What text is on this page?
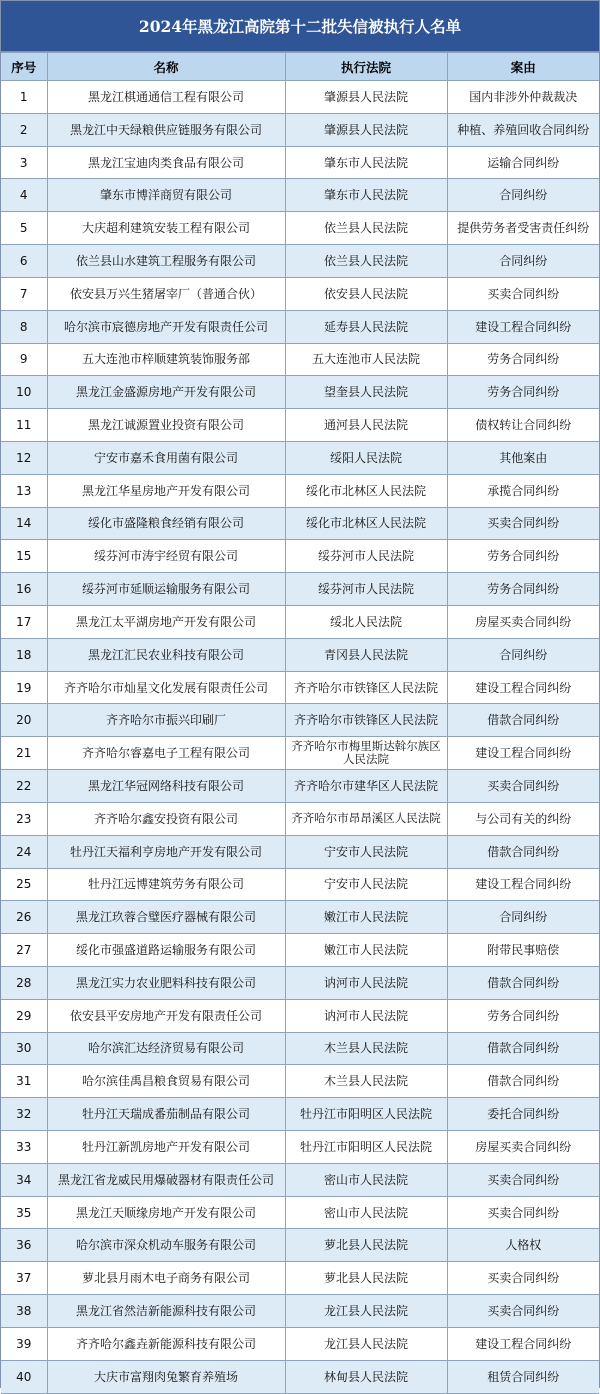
2024年黑龙江高院第十二批失信被执行人名单
序号	名称	执行法院	案由
1	黑龙江棋通通信工程有限公司	肇源县人民法院	国内非涉外仲裁裁决
2	黑龙江中天绿粮供应链服务有限公司	肇源县人民法院	种植、养殖回收合同纠纷
3	黑龙江宝迪肉类食品有限公司	肇东市人民法院	运输合同纠纷
4	肇东市博洋商贸有限公司	肇东市人民法院	合同纠纷
5	大庆超利建筑安装工程有限公司	依兰县人民法院	提供劳务者受害责任纠纷
6	依兰县山水建筑工程服务有限公司	依兰县人民法院	合同纠纷
7	依安县万兴生猪屠宰厂（普通合伙）	依安县人民法院	买卖合同纠纷
8	哈尔滨市宸德房地产开发有限责任公司	延寿县人民法院	建设工程合同纠纷
9	五大连池市梓顺建筑装饰服务部	五大连池市人民法院	劳务合同纠纷
10	黑龙江金盛源房地产开发有限公司	望奎县人民法院	劳务合同纠纷
11	黑龙江诚源置业投资有限公司	通河县人民法院	债权转让合同纠纷
12	宁安市嘉禾食用菌有限公司	绥阳人民法院	其他案由
13	黑龙江华星房地产开发有限公司	绥化市北林区人民法院	承揽合同纠纷
14	绥化市盛隆粮食经销有限公司	绥化市北林区人民法院	买卖合同纠纷
15	绥芬河市涛宇经贸有限公司	绥芬河市人民法院	劳务合同纠纷
16	绥芬河市延顺运输服务有限公司	绥芬河市人民法院	劳务合同纠纷
17	黑龙江太平湖房地产开发有限公司	绥北人民法院	房屋买卖合同纠纷
18	黑龙江汇民农业科技有限公司	青冈县人民法院	合同纠纷
19	齐齐哈尔市灿星文化发展有限责任公司	齐齐哈尔市铁锋区人民法院	建设工程合同纠纷
20	齐齐哈尔市振兴印刷厂	齐齐哈尔市铁锋区人民法院	借款合同纠纷
21	齐齐哈尔睿嘉电子工程有限公司	齐齐哈尔市梅里斯达斡尔族区人民法院	建设工程合同纠纷
22	黑龙江华冠网络科技有限公司	齐齐哈尔市建华区人民法院	买卖合同纠纷
23	齐齐哈尔鑫安投资有限公司	齐齐哈尔市昂昂溪区人民法院	与公司有关的纠纷
24	牡丹江天福利亨房地产开发有限公司	宁安市人民法院	借款合同纠纷
25	牡丹江远博建筑劳务有限公司	宁安市人民法院	建设工程合同纠纷
26	黑龙江玖蓉合璧医疗器械有限公司	嫩江市人民法院	合同纠纷
27	绥化市强盛道路运输服务有限公司	嫩江市人民法院	附带民事赔偿
28	黑龙江实力农业肥料科技有限公司	讷河市人民法院	借款合同纠纷
29	依安县平安房地产开发有限责任公司	讷河市人民法院	劳务合同纠纷
30	哈尔滨汇达经济贸易有限公司	木兰县人民法院	借款合同纠纷
31	哈尔滨佳禹昌粮食贸易有限公司	木兰县人民法院	借款合同纠纷
32	牡丹江天瑞成番茄制品有限公司	牡丹江市阳明区人民法院	委托合同纠纷
33	牡丹江新凯房地产开发有限公司	牡丹江市阳明区人民法院	房屋买卖合同纠纷
34	黑龙江省龙威民用爆破器材有限责任公司	密山市人民法院	买卖合同纠纷
35	黑龙江天顺缘房地产开发有限公司	密山市人民法院	买卖合同纠纷
36	哈尔滨市深众机动车服务有限公司	萝北县人民法院	人格权
37	萝北县月雨木电子商务有限公司	萝北县人民法院	买卖合同纠纷
38	黑龙江省然洁新能源科技有限公司	龙江县人民法院	买卖合同纠纷
39	齐齐哈尔鑫垚新能源科技有限公司	龙江县人民法院	建设工程合同纠纷
40	大庆市富翔肉兔繁育养殖场	林甸县人民法院	租赁合同纠纷
